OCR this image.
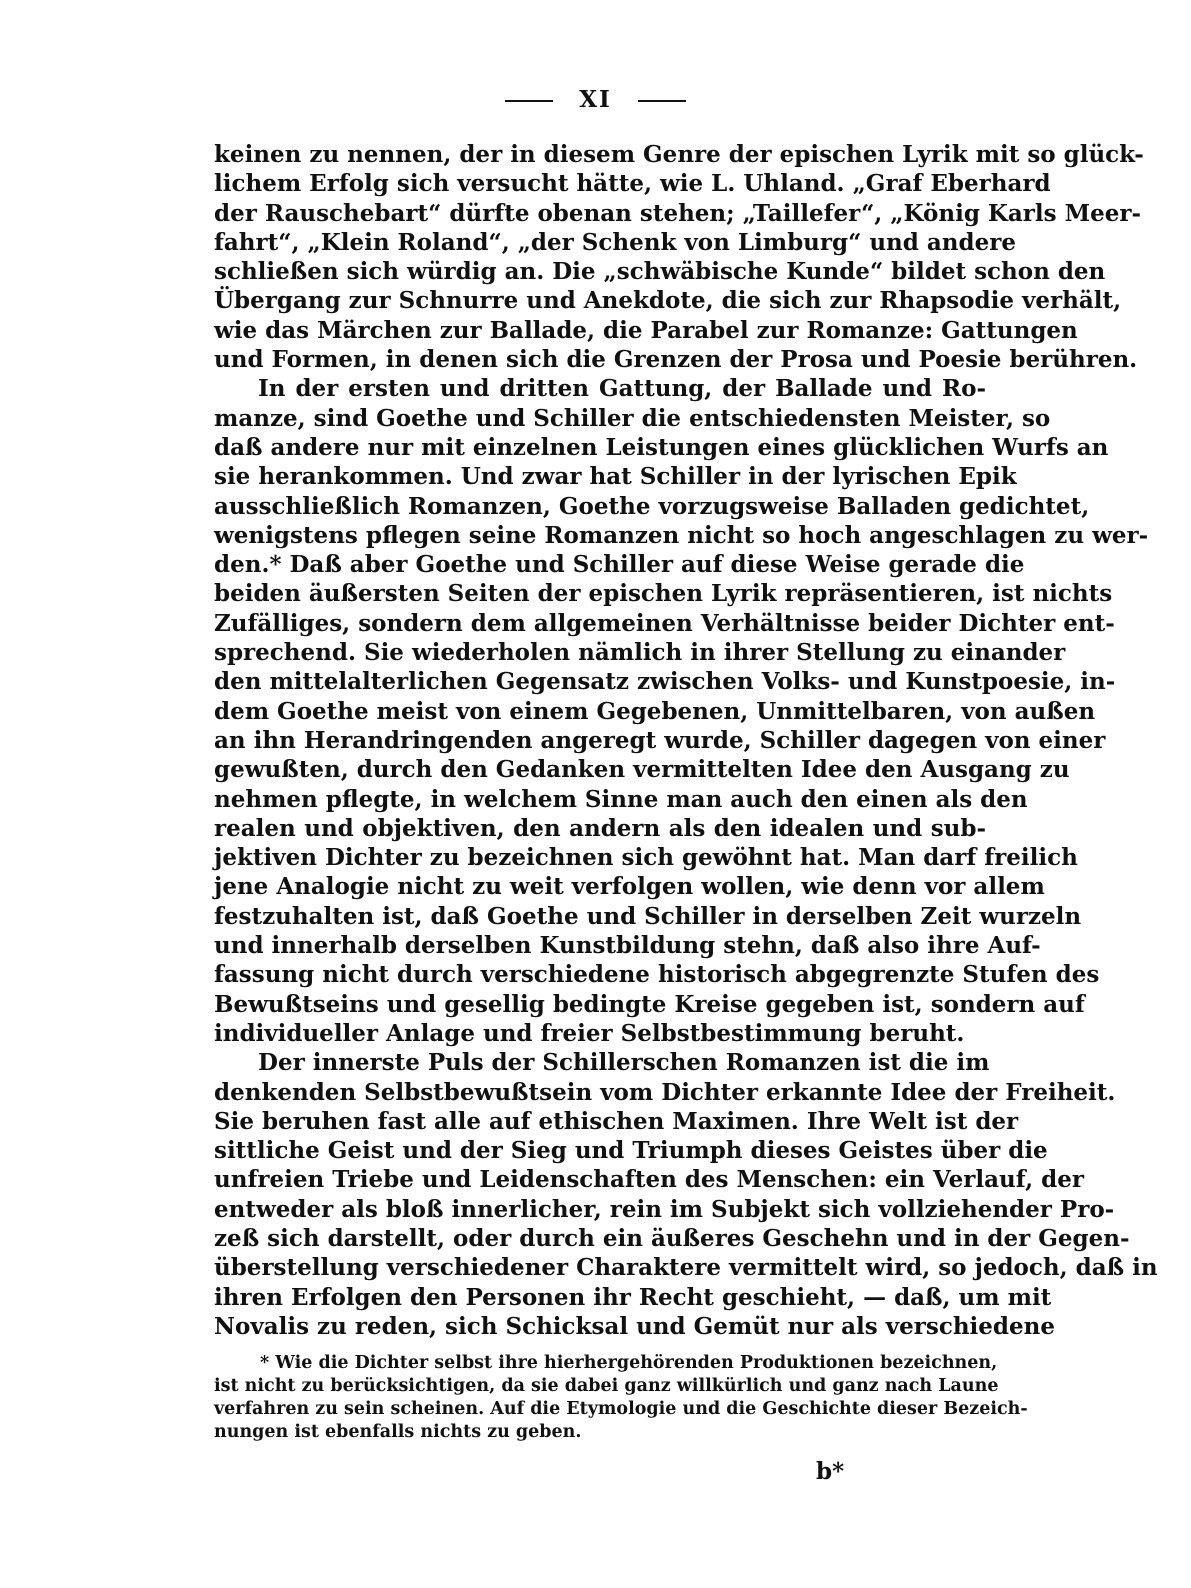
XI
keinen zu nennen, der in diesem Genre der epischen Lyrik mit so glück-
lichem Erfolg sich versucht hätte, wie L. Uhland. „Graf Eberhard
der Rauschebart“ dürfte obenan stehen; „Taillefer“, „König Karls Meer-
fahrt“, „Klein Roland“, „der Schenk von Limburg“ und andere
schließen sich würdig an. Die „schwäbische Kunde“ bildet schon den
Übergang zur Schnurre und Anekdote, die sich zur Rhapsodie verhält,
wie das Märchen zur Ballade, die Parabel zur Romanze: Gattungen
und Formen, in denen sich die Grenzen der Prosa und Poesie berühren.
In der ersten und dritten Gattung, der Ballade und Ro-
manze, sind Goethe und Schiller die entschiedensten Meister, so
daß andere nur mit einzelnen Leistungen eines glücklichen Wurfs an
sie herankommen. Und zwar hat Schiller in der lyrischen Epik
ausschließlich Romanzen, Goethe vorzugsweise Balladen gedichtet,
wenigstens pflegen seine Romanzen nicht so hoch angeschlagen zu wer-
den.* Daß aber Goethe und Schiller auf diese Weise gerade die
beiden äußersten Seiten der epischen Lyrik repräsentieren, ist nichts
Zufälliges, sondern dem allgemeinen Verhältnisse beider Dichter ent-
sprechend. Sie wiederholen nämlich in ihrer Stellung zu einander
den mittelalterlichen Gegensatz zwischen Volks- und Kunstpoesie, in-
dem Goethe meist von einem Gegebenen, Unmittelbaren, von außen
an ihn Herandringenden angeregt wurde, Schiller dagegen von einer
gewußten, durch den Gedanken vermittelten Idee den Ausgang zu
nehmen pflegte, in welchem Sinne man auch den einen als den
realen und objektiven, den andern als den idealen und sub-
jektiven Dichter zu bezeichnen sich gewöhnt hat. Man darf freilich
jene Analogie nicht zu weit verfolgen wollen, wie denn vor allem
festzuhalten ist, daß Goethe und Schiller in derselben Zeit wurzeln
und innerhalb derselben Kunstbildung stehn, daß also ihre Auf-
fassung nicht durch verschiedene historisch abgegrenzte Stufen des
Bewußtseins und gesellig bedingte Kreise gegeben ist, sondern auf
individueller Anlage und freier Selbstbestimmung beruht.
Der innerste Puls der Schillerschen Romanzen ist die im
denkenden Selbstbewußtsein vom Dichter erkannte Idee der Freiheit.
Sie beruhen fast alle auf ethischen Maximen. Ihre Welt ist der
sittliche Geist und der Sieg und Triumph dieses Geistes über die
unfreien Triebe und Leidenschaften des Menschen: ein Verlauf, der
entweder als bloß innerlicher, rein im Subjekt sich vollziehender Pro-
zeß sich darstellt, oder durch ein äußeres Geschehn und in der Gegen-
überstellung verschiedener Charaktere vermittelt wird, so jedoch, daß in
ihren Erfolgen den Personen ihr Recht geschieht, — daß, um mit
Novalis zu reden, sich Schicksal und Gemüt nur als verschiedene
* Wie die Dichter selbst ihre hierhergehörenden Produktionen bezeichnen,
ist nicht zu berücksichtigen, da sie dabei ganz willkürlich und ganz nach Laune
verfahren zu sein scheinen. Auf die Etymologie und die Geschichte dieser Bezeich-
nungen ist ebenfalls nichts zu geben.
b*
